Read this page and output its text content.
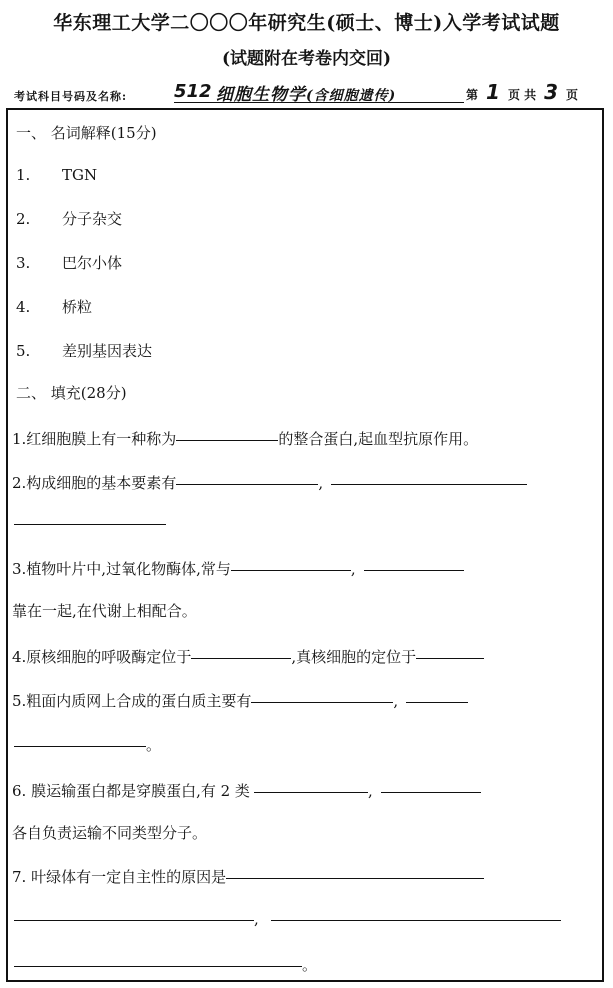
华东理工大学二〇〇〇年研究生(硕士、博士)入学考试试题
(试题附在考卷内交回)
考试科目号码及名称:	512 细胞生物学(含细胞遗传)	第 1 页 共 3 页
一、 名词解释(15分)
1. TGN
2. 分子杂交
3. 巴尔小体
4. 桥粒
5. 差别基因表达
二、 填充(28分)
1.红细胞膜上有一种称为	的整合蛋白,起血型抗原作用。
2.构成细胞的基本要素有	,
3.植物叶片中,过氧化物酶体,常与	,
靠在一起,在代谢上相配合。
4.原核细胞的呼吸酶定位于	,真核细胞的定位于
5.粗面内质网上合成的蛋白质主要有	,
。
6. 膜运输蛋白都是穿膜蛋白,有 2 类	,
各自负责运输不同类型分子。
7. 叶绿体有一定自主性的原因是
,
。
